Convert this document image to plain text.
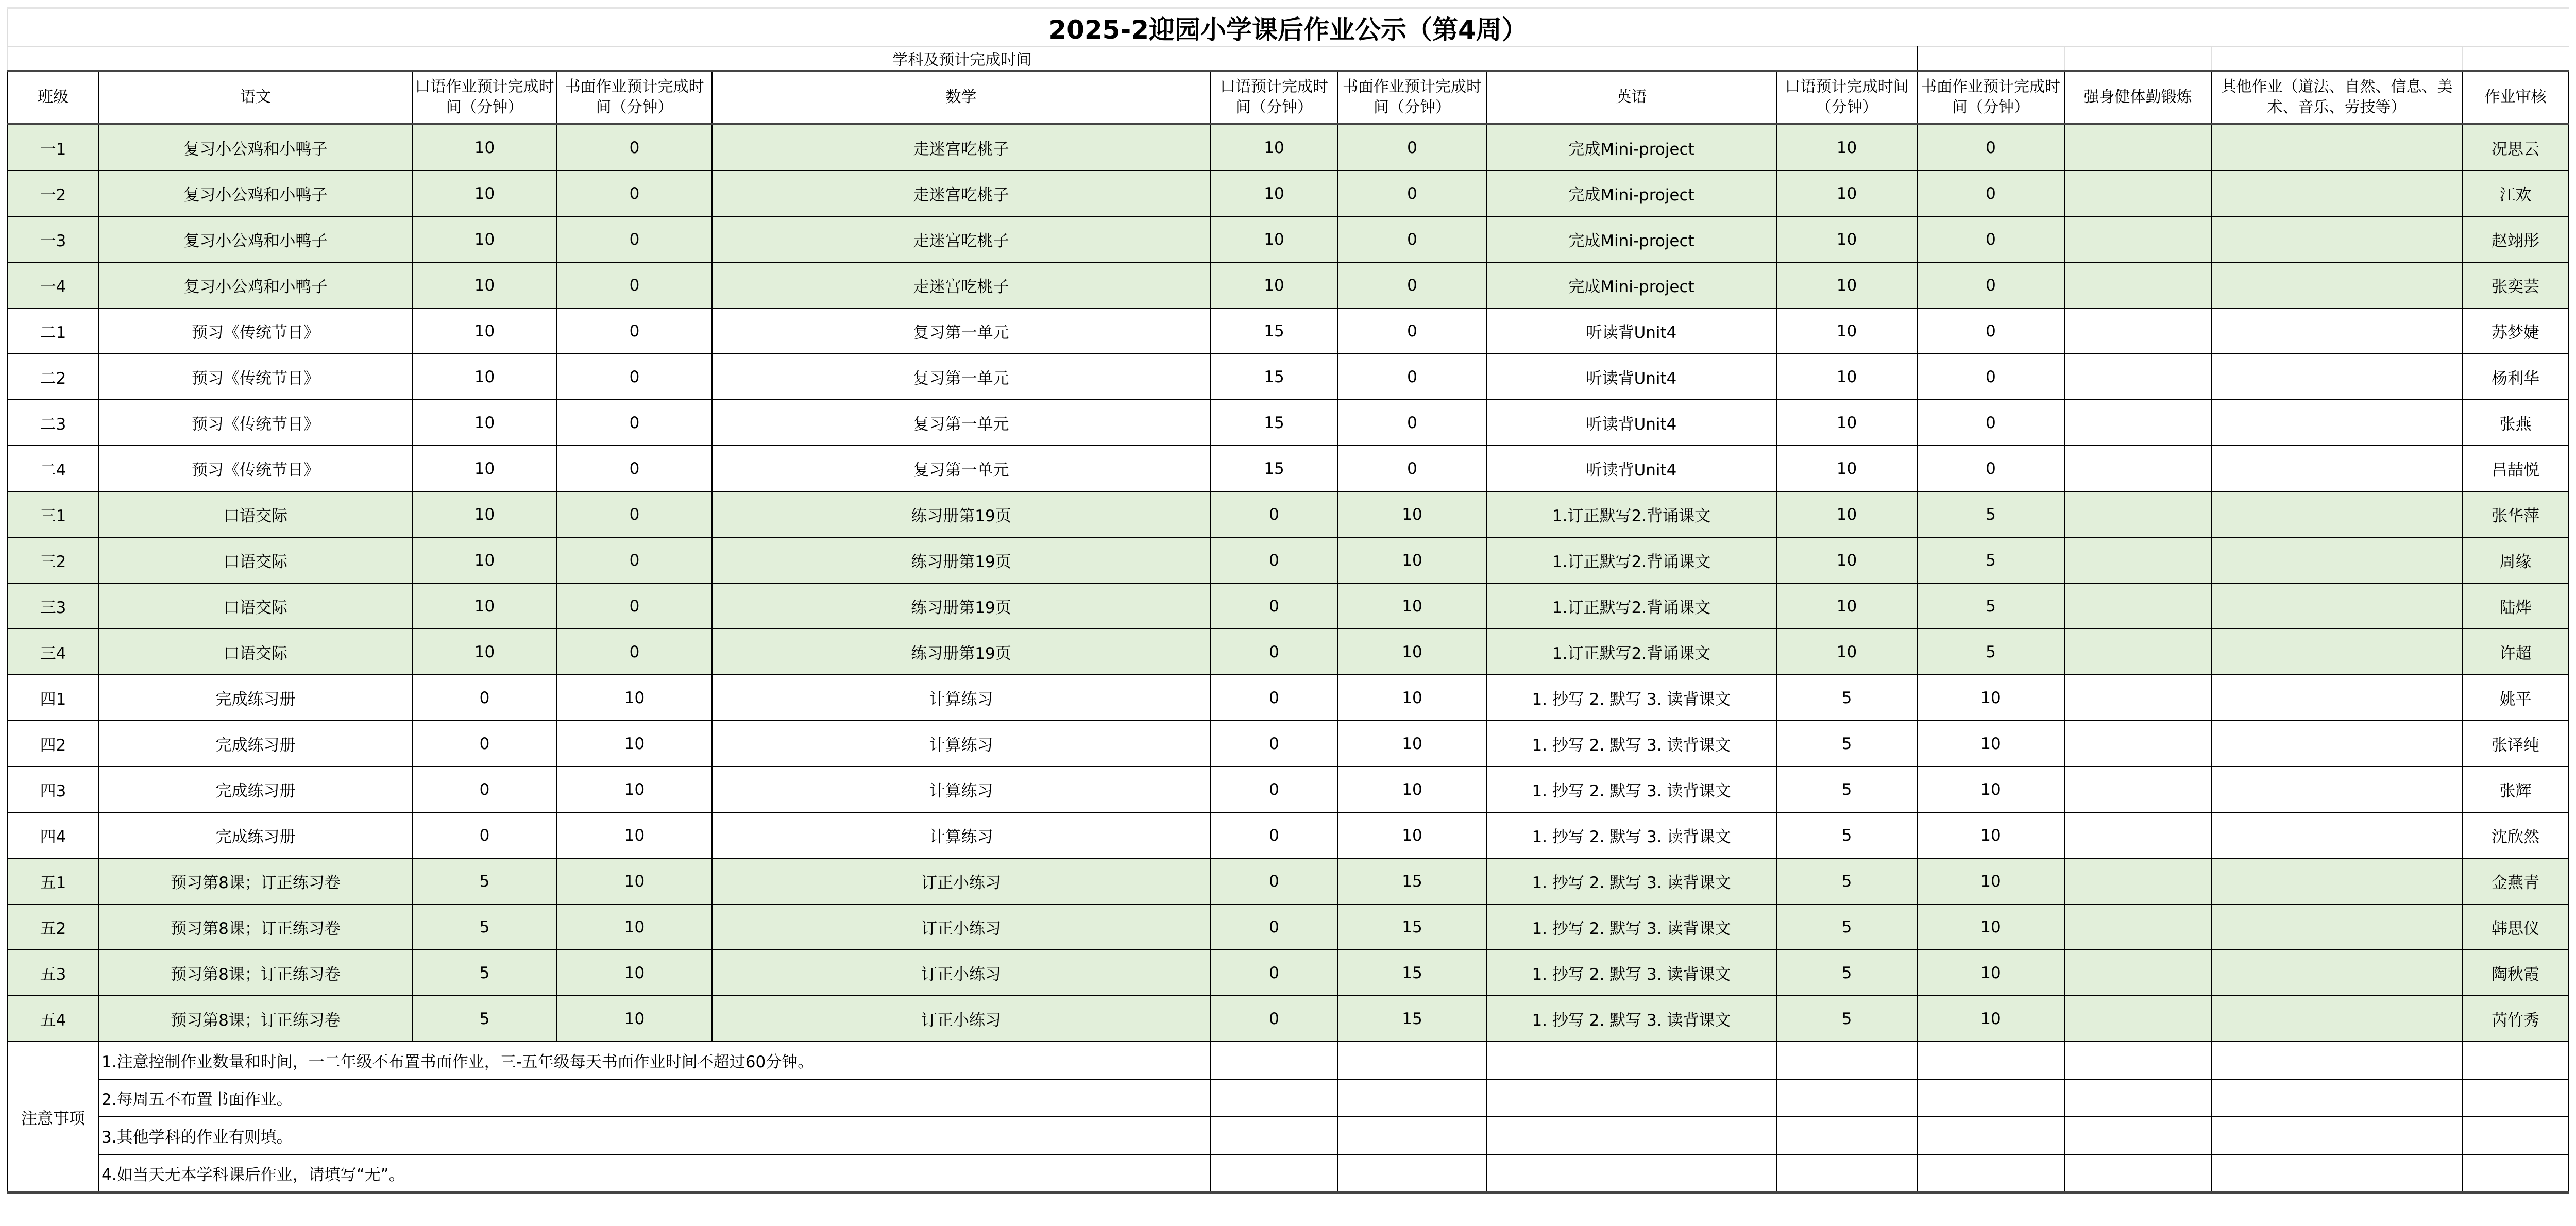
2025-2迎园小学课后作业公示（第4周）												
学科及预计完成时间												
班级	语文	口语作业预计完成时间（分钟）	书面作业预计完成时间（分钟）	数学	口语预计完成时间（分钟）	书面作业预计完成时间（分钟）	英语	口语预计完成时间（分钟）	书面作业预计完成时间（分钟）	强身健体勤锻炼	其他作业（道法、自然、信息、美术、音乐、劳技等）	作业审核
一1	复习小公鸡和小鸭子	10	0	走迷宫吃桃子	10	0	完成Mini-project	10	0			况思云
一2	复习小公鸡和小鸭子	10	0	走迷宫吃桃子	10	0	完成Mini-project	10	0			江欢
一3	复习小公鸡和小鸭子	10	0	走迷宫吃桃子	10	0	完成Mini-project	10	0			赵翊彤
一4	复习小公鸡和小鸭子	10	0	走迷宫吃桃子	10	0	完成Mini-project	10	0			张奕芸
二1	预习《传统节日》	10	0	复习第一单元	15	0	听读背Unit4	10	0			苏梦婕
二2	预习《传统节日》	10	0	复习第一单元	15	0	听读背Unit4	10	0			杨利华
二3	预习《传统节日》	10	0	复习第一单元	15	0	听读背Unit4	10	0			张燕
二4	预习《传统节日》	10	0	复习第一单元	15	0	听读背Unit4	10	0			吕喆悦
三1	口语交际	10	0	练习册第19页	0	10	1.订正默写2.背诵课文	10	5			张华萍
三2	口语交际	10	0	练习册第19页	0	10	1.订正默写2.背诵课文	10	5			周缘
三3	口语交际	10	0	练习册第19页	0	10	1.订正默写2.背诵课文	10	5			陆烨
三4	口语交际	10	0	练习册第19页	0	10	1.订正默写2.背诵课文	10	5			许超
四1	完成练习册	0	10	计算练习	0	10	1. 抄写 2. 默写 3. 读背课文	5	10			姚平
四2	完成练习册	0	10	计算练习	0	10	1. 抄写 2. 默写 3. 读背课文	5	10			张译纯
四3	完成练习册	0	10	计算练习	0	10	1. 抄写 2. 默写 3. 读背课文	5	10			张辉
四4	完成练习册	0	10	计算练习	0	10	1. 抄写 2. 默写 3. 读背课文	5	10			沈欣然
五1	预习第8课；订正练习卷	5	10	订正小练习	0	15	1. 抄写 2. 默写 3. 读背课文	5	10			金燕青
五2	预习第8课；订正练习卷	5	10	订正小练习	0	15	1. 抄写 2. 默写 3. 读背课文	5	10			韩思仪
五3	预习第8课；订正练习卷	5	10	订正小练习	0	15	1. 抄写 2. 默写 3. 读背课文	5	10			陶秋霞
五4	预习第8课；订正练习卷	5	10	订正小练习	0	15	1. 抄写 2. 默写 3. 读背课文	5	10			芮竹秀
注意事项	1.注意控制作业数量和时间，一二年级不布置书面作业，三-五年级每天书面作业时间不超过60分钟。											
	2.每周五不布置书面作业。											
	3.其他学科的作业有则填。											
	4.如当天无本学科课后作业，请填写“无”。											
